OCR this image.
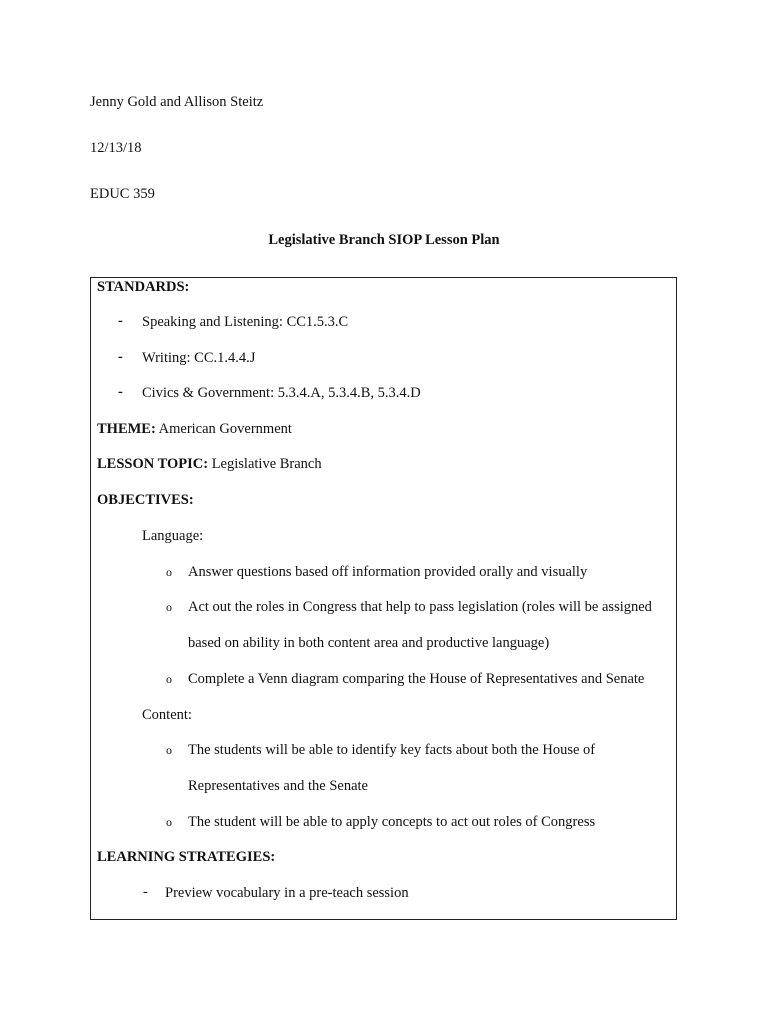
Jenny Gold and Allison Steitz
12/13/18
EDUC 359
Legislative Branch SIOP Lesson Plan
STANDARDS:
- Speaking and Listening: CC1.5.3.C
- Writing: CC.1.4.4.J
- Civics & Government: 5.3.4.A, 5.3.4.B, 5.3.4.D
THEME: American Government
LESSON TOPIC: Legislative Branch
OBJECTIVES:
Language:
o Answer questions based off information provided orally and visually
o Act out the roles in Congress that help to pass legislation (roles will be assigned
based on ability in both content area and productive language)
o Complete a Venn diagram comparing the House of Representatives and Senate
Content:
o The students will be able to identify key facts about both the House of
Representatives and the Senate
o The student will be able to apply concepts to act out roles of Congress
LEARNING STRATEGIES:
- Preview vocabulary in a pre-teach session
